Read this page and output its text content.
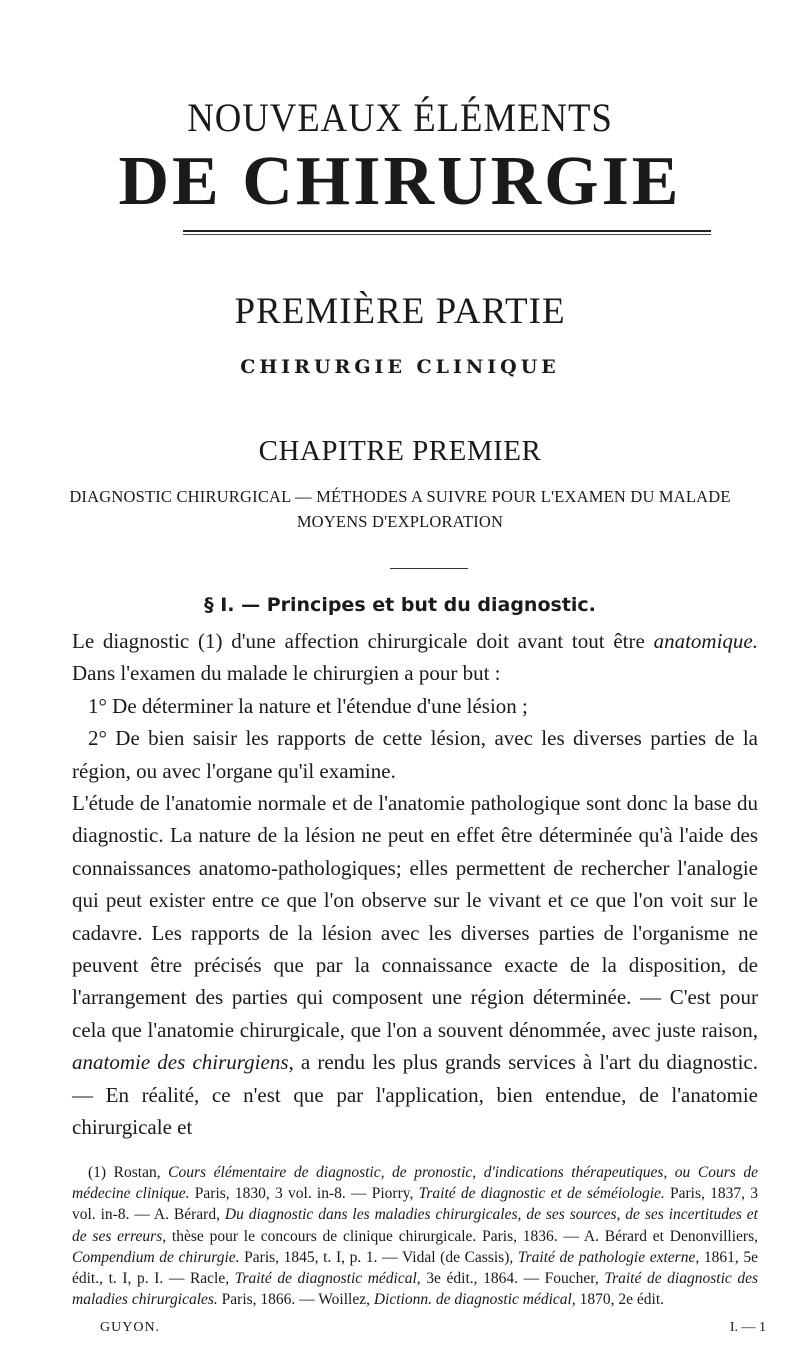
NOUVEAUX ÉLÉMENTS
DE CHIRURGIE
PREMIÈRE PARTIE
CHIRURGIE CLINIQUE
CHAPITRE PREMIER
DIAGNOSTIC CHIRURGICAL — MÉTHODES A SUIVRE POUR L'EXAMEN DU MALADE
MOYENS D'EXPLORATION
§ I. — Principes et but du diagnostic.

Le diagnostic (1) d'une affection chirurgicale doit avant tout être anatomique. Dans l'examen du malade le chirurgien a pour but :

1° De déterminer la nature et l'étendue d'une lésion ;

2° De bien saisir les rapports de cette lésion, avec les diverses parties de la région, ou avec l'organe qu'il examine.

L'étude de l'anatomie normale et de l'anatomie pathologique sont donc la base du diagnostic. La nature de la lésion ne peut en effet être déterminée qu'à l'aide des connaissances anatomo-pathologiques; elles permettent de rechercher l'analogie qui peut exister entre ce que l'on observe sur le vivant et ce que l'on voit sur le cadavre. Les rapports de la lésion avec les diverses parties de l'organisme ne peuvent être précisés que par la connaissance exacte de la disposition, de l'arrangement des parties qui composent une région déterminée. — C'est pour cela que l'anatomie chirurgicale, que l'on a souvent dénommée, avec juste raison, anatomie des chirurgiens, a rendu les plus grands services à l'art du diagnostic. — En réalité, ce n'est que par l'application, bien entendue, de l'anatomie chirurgicale et

(1) Rostan, Cours élémentaire de diagnostic, de pronostic, d'indications thérapeutiques, ou Cours de médecine clinique. Paris, 1830, 3 vol. in-8. — Piorry, Traité de diagnostic et de séméiologie. Paris, 1837, 3 vol. in-8. — A. Bérard, Du diagnostic dans les maladies chirurgicales, de ses sources, de ses incertitudes et de ses erreurs, thèse pour le concours de clinique chirurgicale. Paris, 1836. — A. Bérard et Denonvilliers, Compendium de chirurgie. Paris, 1845, t. I, p. 1. — Vidal (de Cassis), Traité de pathologie externe, 1861, 5e édit., t. I, p. I. — Racle, Traité de diagnostic médical, 3e édit., 1864. — Foucher, Traité de diagnostic des maladies chirurgicales. Paris, 1866. — Woillez, Dictionn. de diagnostic médical, 1870, 2e édit.

GUYON.	I. — 1
